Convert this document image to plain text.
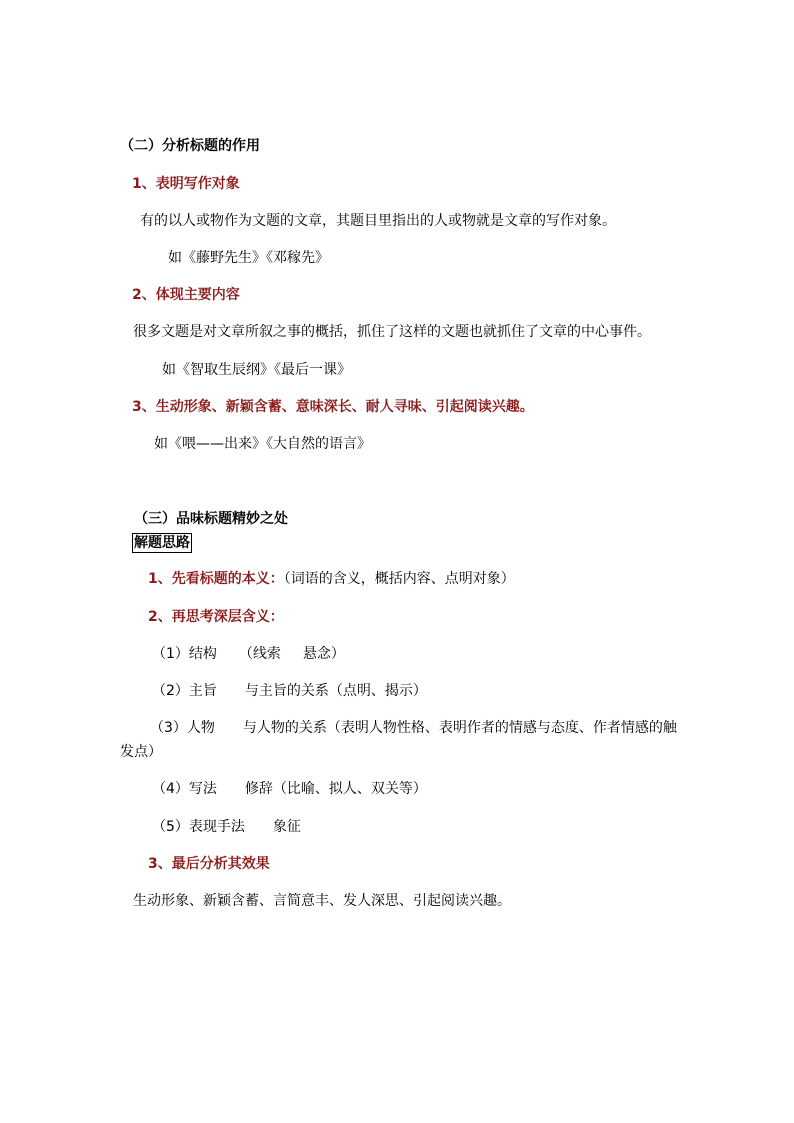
（二）分析标题的作用
1、表明写作对象
有的以人或物作为文题的文章，其题目里指出的人或物就是文章的写作对象。
如《藤野先生》《邓稼先》
2、体现主要内容
很多文题是对文章所叙之事的概括，抓住了这样的文题也就抓住了文章的中心事件。
如《智取生辰纲》《最后一课》
3、生动形象、新颖含蓄、意味深长、耐人寻味、引起阅读兴趣。
如《喂——出来》《大自然的语言》
（三）品味标题精妙之处
解题思路
1、先看标题的本义：（词语的含义，概括内容、点明对象）
2、再思考深层含义：
（1）结构 （线索 悬念）
（2）主旨 与主旨的关系（点明、揭示）
（3）人物 与人物的关系（表明人物性格、表明作者的情感与态度、作者情感的触
发点）
（4）写法 修辞（比喻、拟人、双关等）
（5）表现手法 象征
3、最后分析其效果
生动形象、新颖含蓄、言简意丰、发人深思、引起阅读兴趣。
